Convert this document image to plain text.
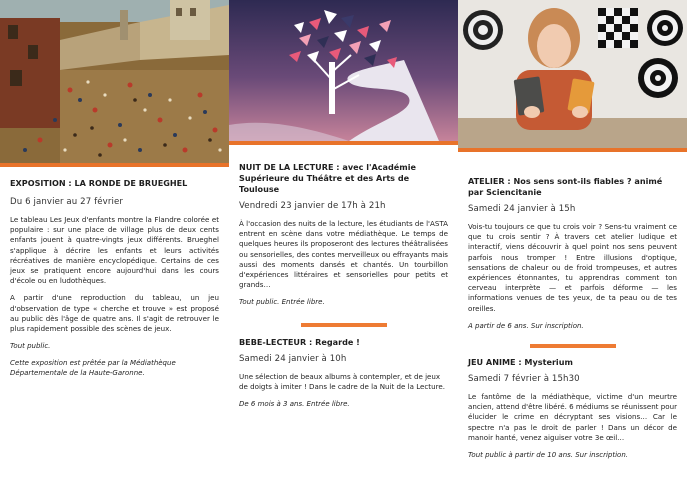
EXPOSITION : LA RONDE DE BRUEGHEL

Du 6 janvier au 27 février

Le tableau Les Jeux d'enfants montre la Flandre colorée et populaire : sur une place de village plus de deux cents enfants jouent à quatre-vingts jeux différents. Brueghel s'applique à décrire les enfants et leurs activités récréatives de manière encyclopédique. Certains de ces jeux se pratiquent encore aujourd'hui dans les cours d'école ou en ludothèques.

A partir d'une reproduction du tableau, un jeu d'observation de type « cherche et trouve » est proposé au public dès l'âge de quatre ans. Il s'agit de retrouver le plus rapidement possible des scènes de jeux.

Tout public.

Cette exposition est prêtée par la Médiathèque Départementale de la Haute-Garonne.

NUIT DE LA LECTURE : avec l'Académie Supérieure du Théâtre et des Arts de Toulouse

Vendredi 23 janvier de 17h à 21h

À l'occasion des nuits de la lecture, les étudiants de l'ASTA entrent en scène dans votre médiathèque. Le temps de quelques heures ils proposeront des lectures théâtralisées ou sensorielles, des contes merveilleux ou effrayants mais aussi des moments dansés et chantés. Un tourbillon d'expériences littéraires et sensorielles pour petits et grands…

Tout public. Entrée libre.

BEBE-LECTEUR : Regarde !

Samedi 24 janvier à 10h

Une sélection de beaux albums à contempler, et de jeux de doigts à imiter ! Dans le cadre de la Nuit de la Lecture.

De 6 mois à 3 ans. Entrée libre.

ATELIER : Nos sens sont-ils fiables ? animé par Sciencitanie

Samedi 24 janvier à 15h

Vois-tu toujours ce que tu crois voir ? Sens-tu vraiment ce que tu crois sentir ? À travers cet atelier ludique et interactif, viens découvrir à quel point nos sens peuvent parfois nous tromper ! Entre illusions d'optique, sensations de chaleur ou de froid trompeuses, et autres expériences étonnantes, tu apprendras comment ton cerveau interprète — et parfois déforme — les informations venues de tes yeux, de ta peau ou de tes oreilles.

A partir de 6 ans. Sur inscription.

JEU ANIME : Mysterium

Samedi 7 février à 15h30

Le fantôme de la médiathèque, victime d'un meurtre ancien, attend d'être libéré. 6 médiums se réunissent pour élucider le crime en décryptant ses visions… Car le spectre n'a pas le droit de parler ! Dans un décor de manoir hanté, venez aiguiser votre 3e œil…

Tout public à partir de 10 ans. Sur inscription.
